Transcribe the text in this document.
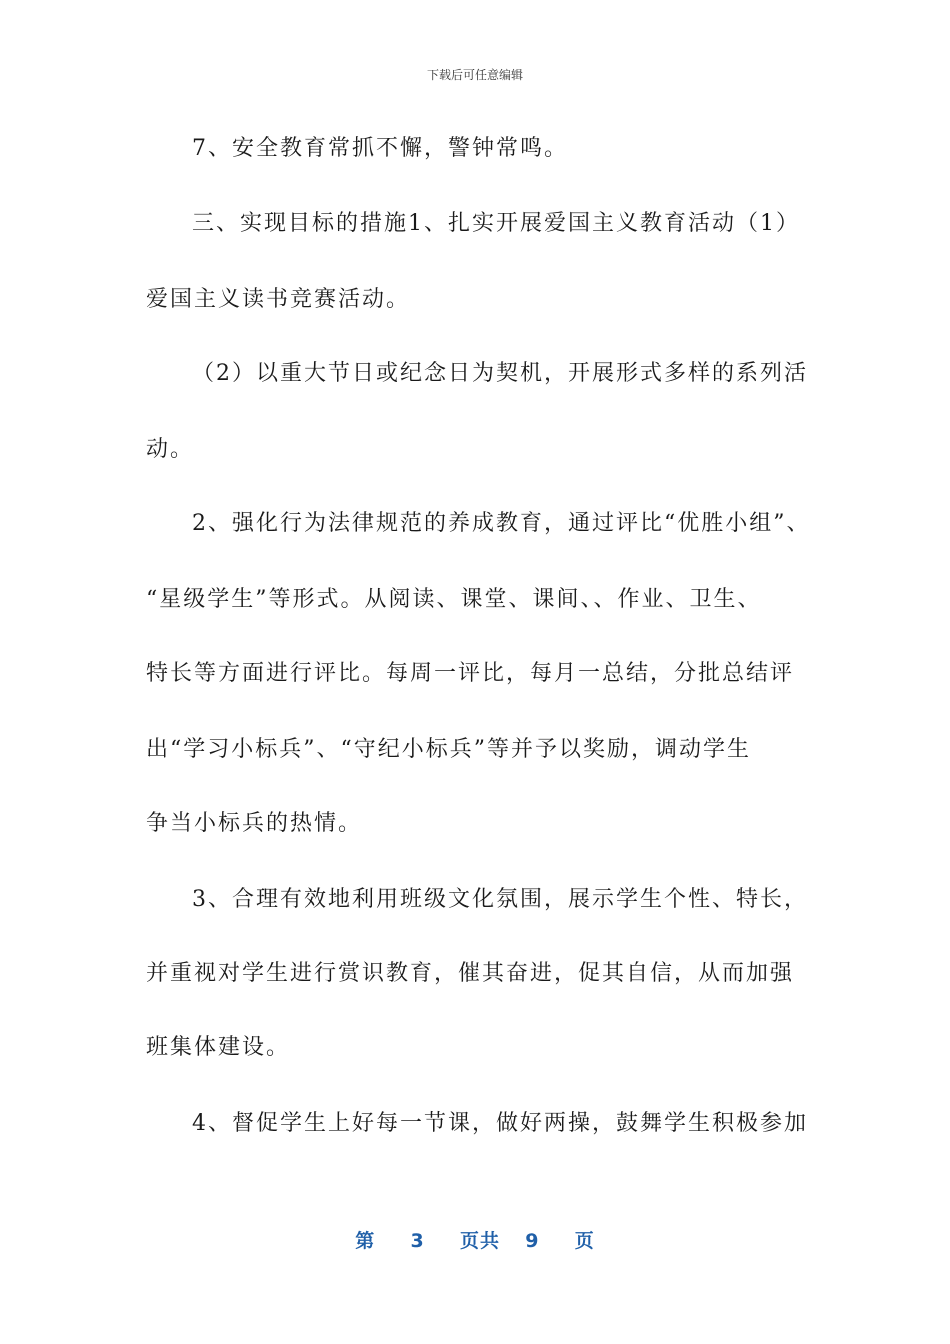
下载后可任意编辑
7、安全教育常抓不懈，警钟常鸣。
三、实现目标的措施1、扎实开展爱国主义教育活动（1）
爱国主义读书竞赛活动。
（2）以重大节日或纪念日为契机，开展形式多样的系列活
动。
2、强化行为法律规范的养成教育，通过评比“优胜小组”、
“星级学生”等形式。从阅读、课堂、课间、、作业、卫生、
特长等方面进行评比。每周一评比，每月一总结，分批总结评
出“学习小标兵”、“守纪小标兵”等并予以奖励，调动学生
争当小标兵的热情。
3、合理有效地利用班级文化氛围，展示学生个性、特长，
并重视对学生进行赏识教育，催其奋进，促其自信，从而加强
班集体建设。
4、督促学生上好每一节课，做好两操，鼓舞学生积极参加
第 3 页共 9 页
